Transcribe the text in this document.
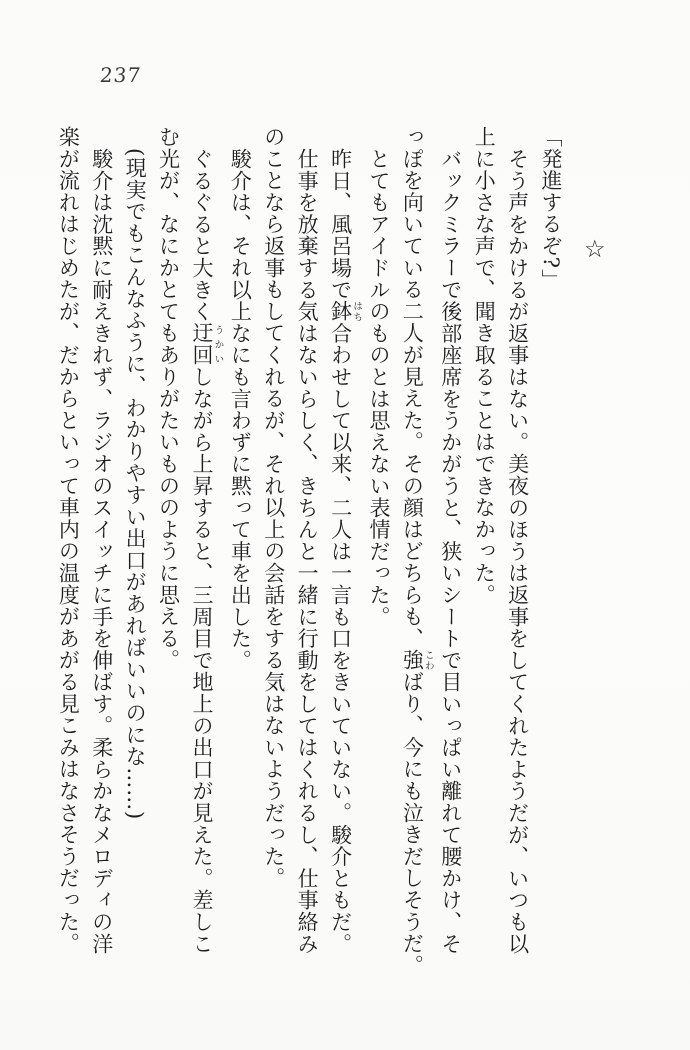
237
☆

「発進するぞ?」

そう声をかけるが返事はない。美夜のほうは返事をしてくれたようだが、いつも以

上に小さな声で、聞き取ることはできなかった。

バックミラーで後部座席をうかがうと、狭いシートで目いっぱい離れて腰かけ、そ

っぽを向いている二人が見えた。その顔はどちらも、強こわばり、今にも泣きだしそうだ。

とてもアイドルのものとは思えない表情だった。

昨日、風呂場で鉢はち合わせして以来、二人は一言も口をきいていない。駿介ともだ。

仕事を放棄する気はないらしく、きちんと一緒に行動をしてはくれるし、仕事絡み

のことなら返事もしてくれるが、それ以上の会話をする気はないようだった。

駿介は、それ以上なにも言わずに黙って車を出した。

ぐるぐると大きく迂回うかいしながら上昇すると、三周目で地上の出口が見えた。差しこ

む光が、なにかとてもありがたいもののように思える。

(現実でもこんなふうに、わかりやすい出口があればいいのにな……)

駿介は沈黙に耐えきれず、ラジオのスイッチに手を伸ばす。柔らかなメロディの洋

楽が流れはじめたが、だからといって車内の温度があがる見こみはなさそうだった。
